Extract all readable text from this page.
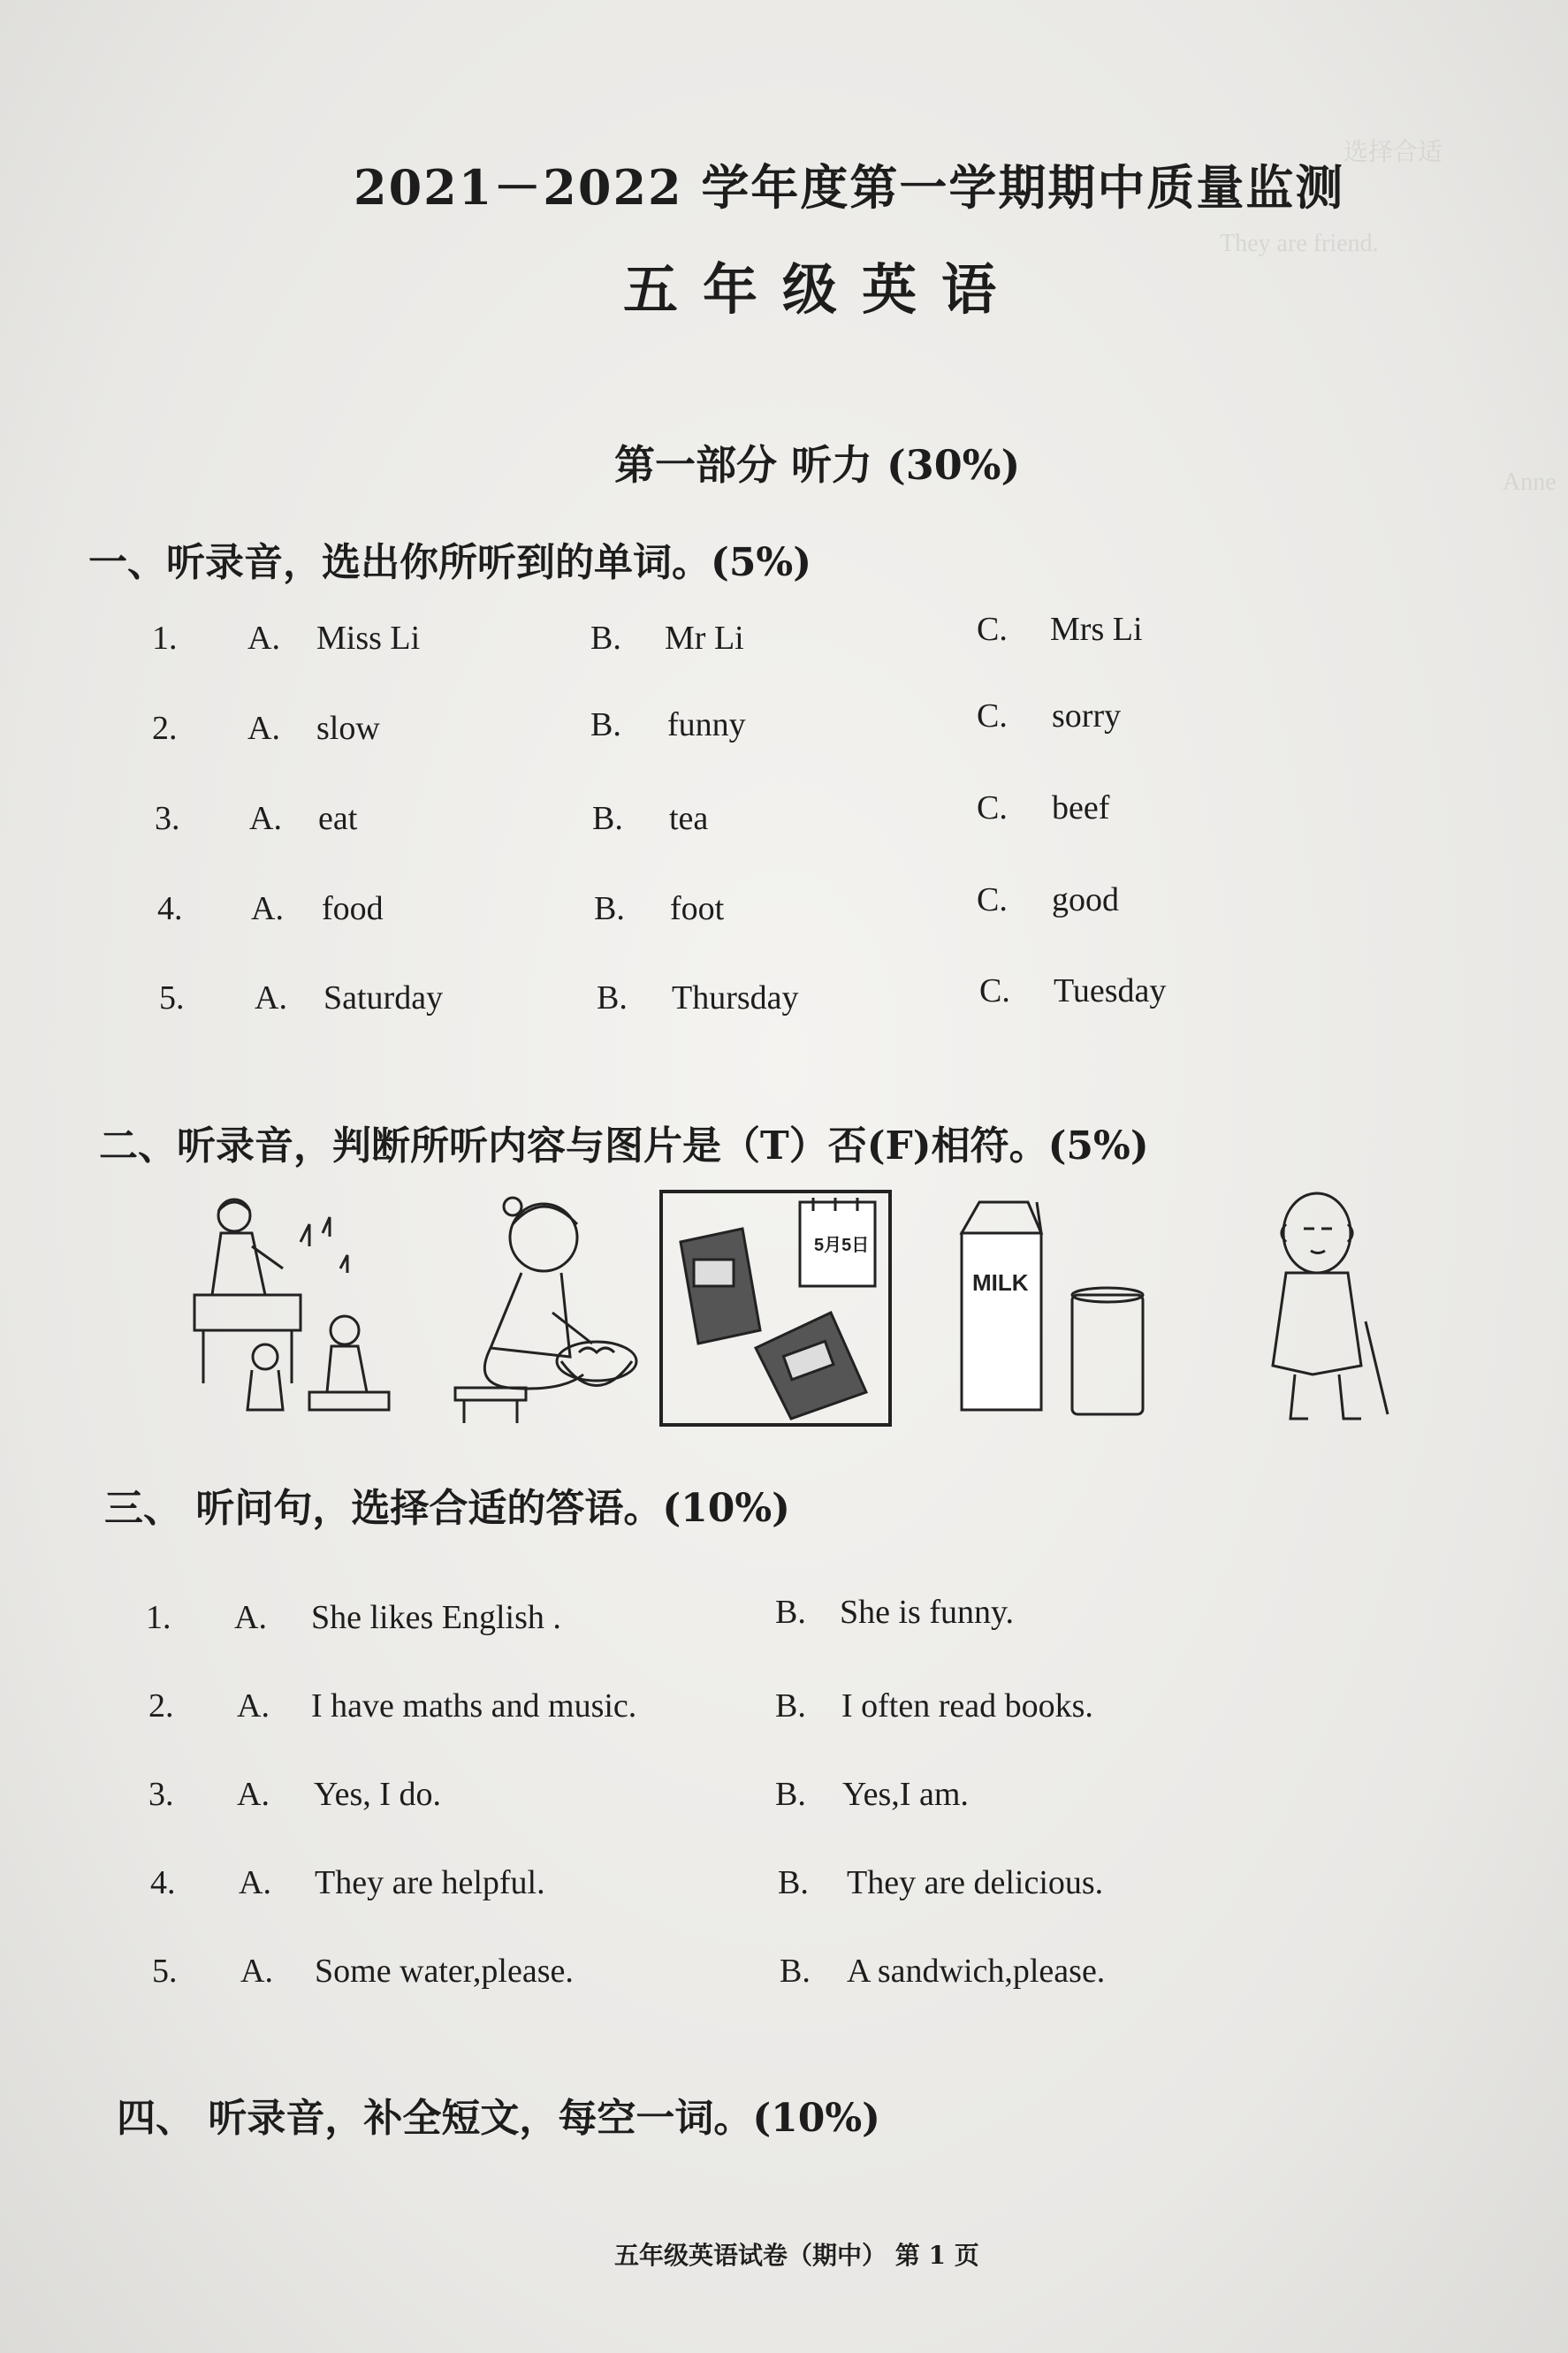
选择合适
They are friend.
Anne
2021－2022 学年度第一学期期中质量监测
五年级英语
第一部分 听力 (30%)
一、听录音，选出你所听到的单词。(5%)
1. A. Miss Li	B. Mr Li	C. Mrs Li
2. A. slow	B. funny	C. sorry
3. A. eat	B. tea	C. beef
4. A. food	B. foot	C. good
5. A. Saturday	B. Thursday	C. Tuesday
二、听录音，判断所听内容与图片是（T）否(F)相符。(5%)
5月5日
MILK
三、 听问句，选择合适的答语。(10%)
1. A. She likes English .	B. She is funny.
2. A. I have maths and music.	B. I often read books.
3. A. Yes, I do.	B. Yes,I am.
4. A. They are helpful.	B. They are delicious.
5. A. Some water,please.	B. A sandwich,please.
四、 听录音，补全短文，每空一词。(10%)
五年级英语试卷（期中） 第 1 页
